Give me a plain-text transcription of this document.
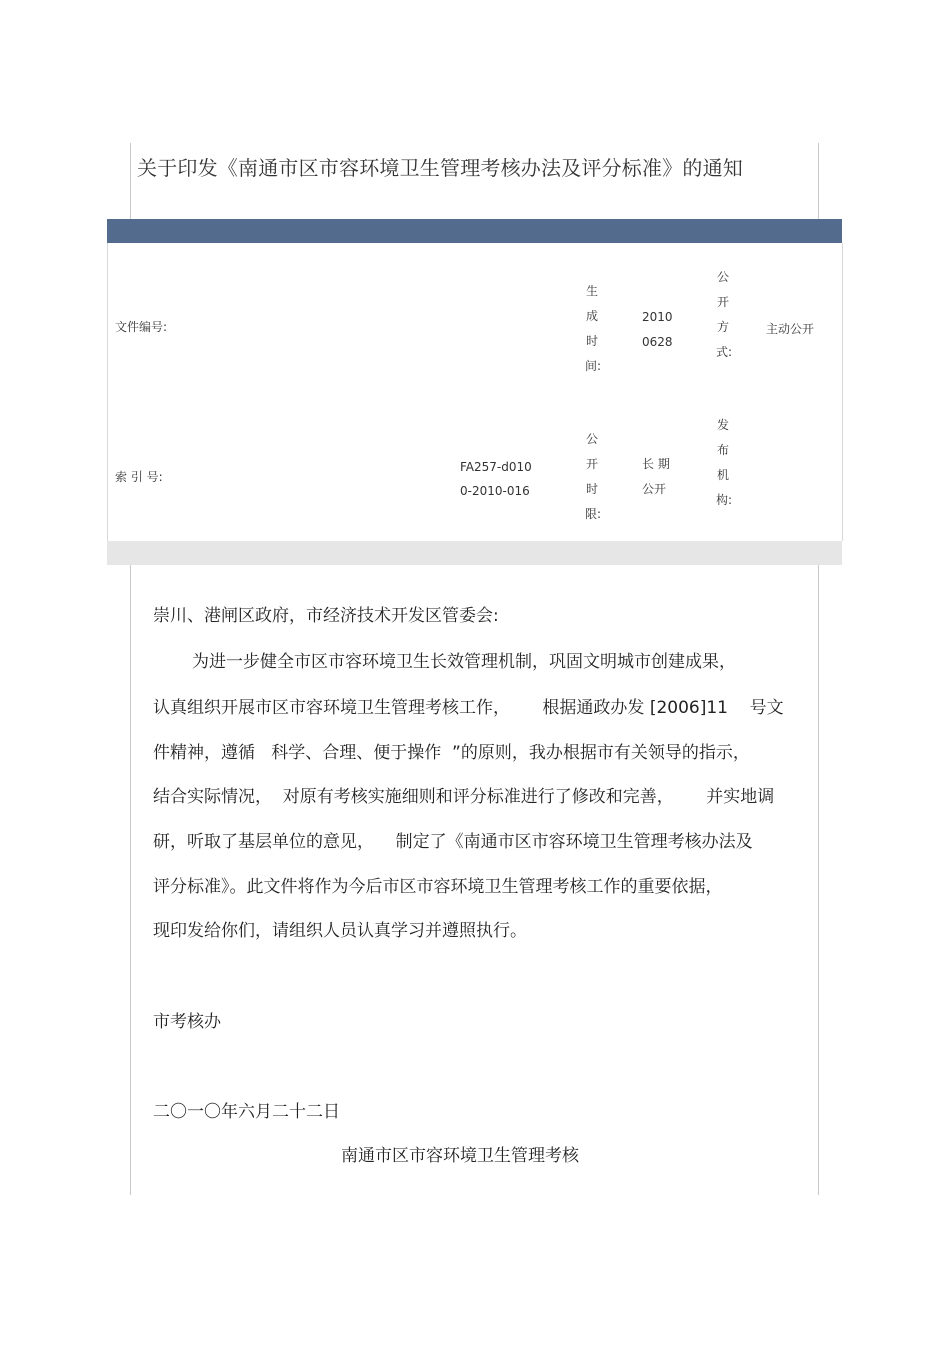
关于印发《南通市区市容环境卫生管理考核办法及评分标准》的通知
文件编号:
生成时间:
2010
0628
公开方式:
主动公开
索 引 号:
FA257-d010
0-2010-016
公开时限:
长 期
公开
发布机构:
崇川、港闸区政府，市经济技术开发区管委会:
为进一步健全市区市容环境卫生长效管理机制，巩固文明城市创建成果，
认真组织开展市区市容环境卫生管理考核工作，      根据通政办发 [2006]11    号文
件精神，遵循   科学、合理、便于操作  ”的原则，我办根据市有关领导的指示，
结合实际情况，  对原有考核实施细则和评分标准进行了修改和完善，      并实地调
研，听取了基层单位的意见，    制定了《南通市区市容环境卫生管理考核办法及
评分标准》。此文件将作为今后市区市容环境卫生管理考核工作的重要依据，
现印发给你们，请组织人员认真学习并遵照执行。
市考核办
二〇一〇年六月二十二日
南通市区市容环境卫生管理考核
